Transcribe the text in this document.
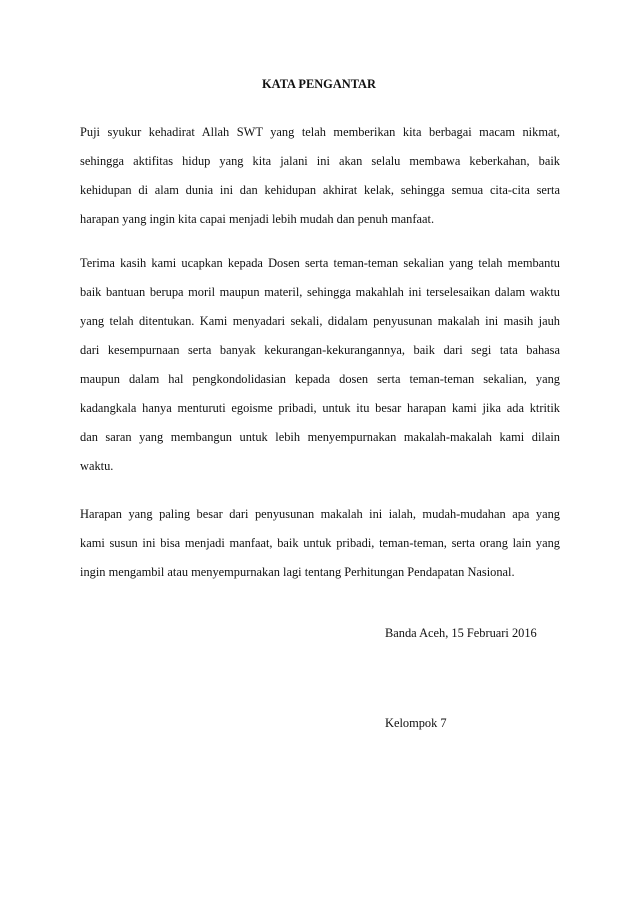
KATA PENGANTAR
Puji syukur kehadirat Allah SWT yang telah memberikan kita berbagai macam nikmat,
sehingga aktifitas hidup yang kita jalani ini akan selalu membawa keberkahan, baik
kehidupan di alam dunia ini dan kehidupan akhirat kelak, sehingga semua cita-cita serta
harapan yang ingin kita capai menjadi lebih mudah dan penuh manfaat.
Terima kasih kami ucapkan kepada Dosen serta teman-teman sekalian yang telah membantu
baik bantuan berupa moril maupun materil, sehingga makahlah ini terselesaikan dalam waktu
yang telah ditentukan. Kami menyadari sekali, didalam penyusunan makalah ini masih jauh
dari kesempurnaan serta banyak kekurangan-kekurangannya, baik dari segi tata bahasa
maupun dalam hal pengkondolidasian kepada dosen serta teman-teman sekalian, yang
kadangkala hanya menturuti egoisme pribadi, untuk itu besar harapan kami jika ada ktritik
dan saran yang membangun untuk lebih menyempurnakan makalah-makalah kami dilain
waktu.
Harapan yang paling besar dari penyusunan makalah ini ialah, mudah-mudahan apa yang
kami susun ini bisa menjadi manfaat, baik untuk pribadi, teman-teman, serta orang lain yang
ingin mengambil atau menyempurnakan lagi tentang Perhitungan Pendapatan Nasional.
Banda Aceh, 15 Februari 2016
Kelompok 7
